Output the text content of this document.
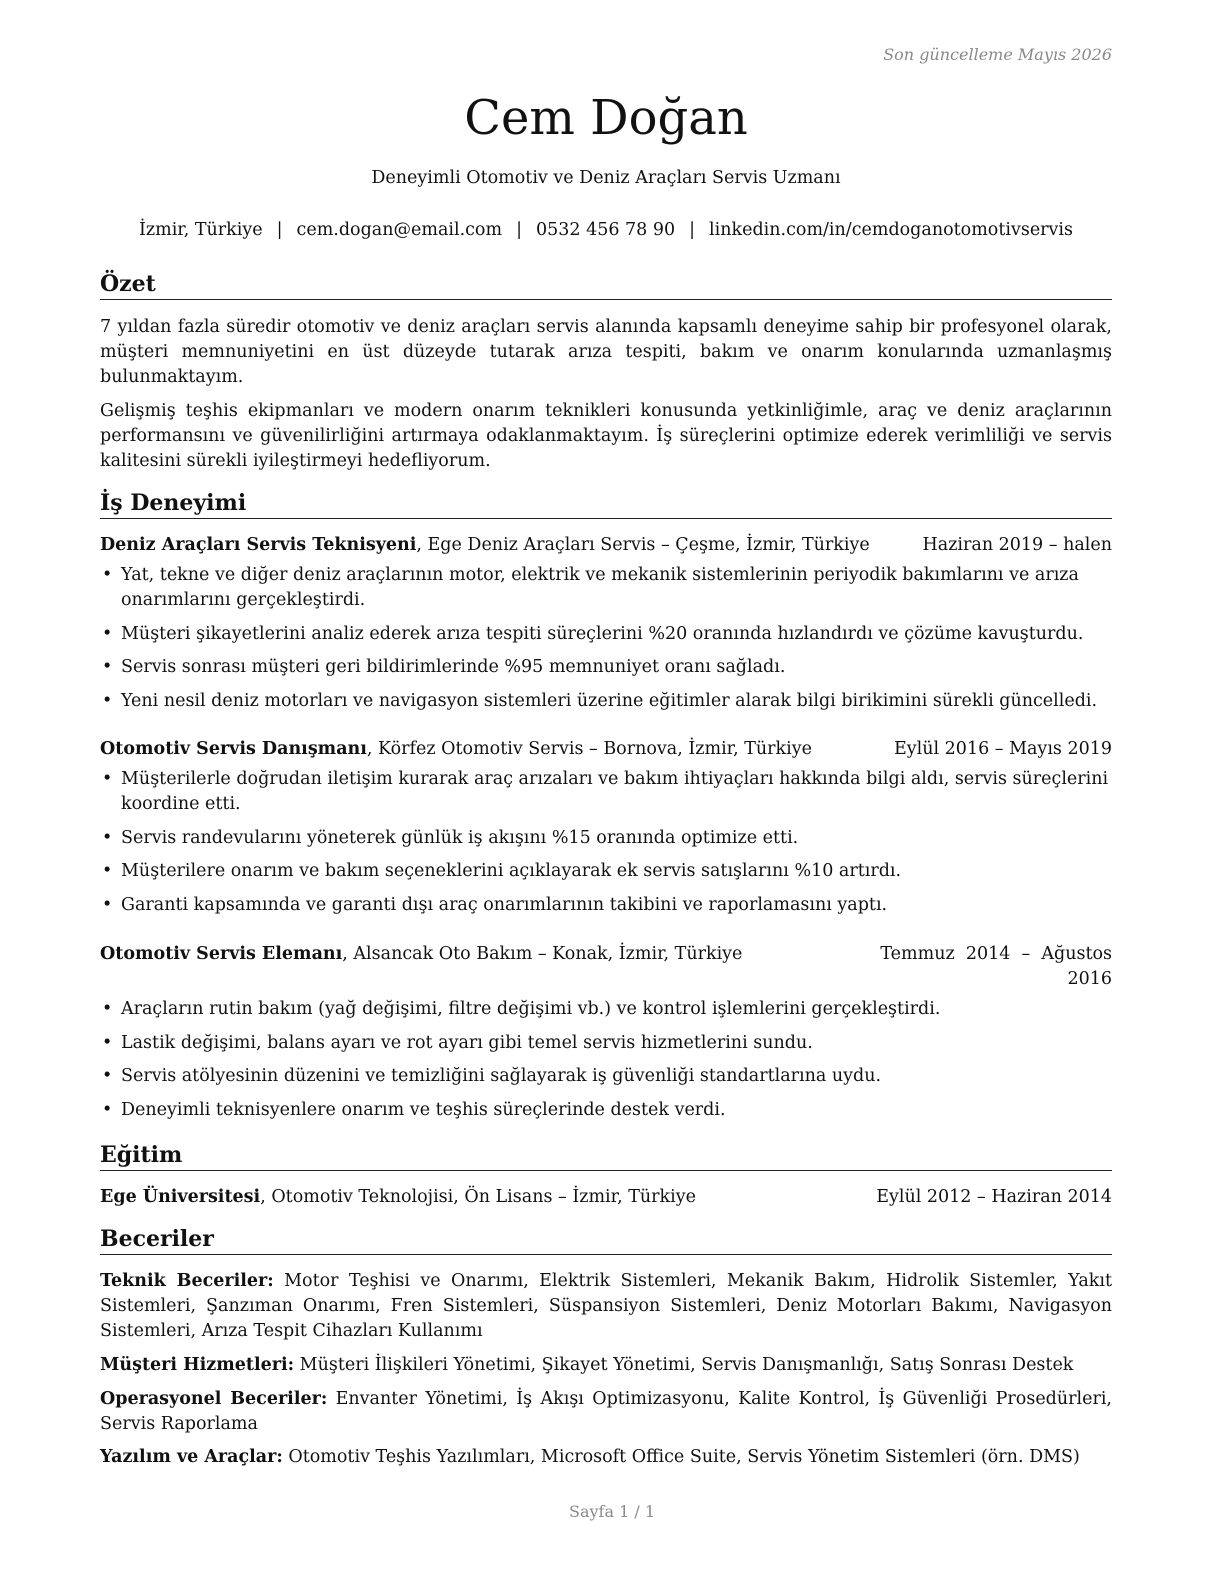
Son güncelleme Mayıs 2026
Cem Doğan
Deneyimli Otomotiv ve Deniz Araçları Servis Uzmanı
İzmir, Türkiye | cem.dogan@email.com | 0532 456 78 90 | linkedin.com/in/cemdoganotomotivservis
Özet
7 yıldan fazla süredir otomotiv ve deniz araçları servis alanında kapsamlı deneyime sahip bir profesyonel olarak, müşteri memnuniyetini en üst düzeyde tutarak arıza tespiti, bakım ve onarım konularında uzmanlaşmış bulunmaktayım.
Gelişmiş teşhis ekipmanları ve modern onarım teknikleri konusunda yetkinliğimle, araç ve deniz araçlarının performansını ve güvenilirliğini artırmaya odaklanmaktayım. İş süreçlerini optimize ederek verimliliği ve servis kalitesini sürekli iyileştirmeyi hedefliyorum.
İş Deneyimi
Deniz Araçları Servis Teknisyeni, Ege Deniz Araçları Servis – Çeşme, İzmir, Türkiye	Haziran 2019 – halen
• Yat, tekne ve diğer deniz araçlarının motor, elektrik ve mekanik sistemlerinin periyodik bakımlarını ve arıza onarımlarını gerçekleştirdi.
• Müşteri şikayetlerini analiz ederek arıza tespiti süreçlerini %20 oranında hızlandırdı ve çözüme kavuşturdu.
• Servis sonrası müşteri geri bildirimlerinde %95 memnuniyet oranı sağladı.
• Yeni nesil deniz motorları ve navigasyon sistemleri üzerine eğitimler alarak bilgi birikimini sürekli güncelledi.
Otomotiv Servis Danışmanı, Körfez Otomotiv Servis – Bornova, İzmir, Türkiye	Eylül 2016 – Mayıs 2019
• Müşterilerle doğrudan iletişim kurarak araç arızaları ve bakım ihtiyaçları hakkında bilgi aldı, servis süreçlerini koordine etti.
• Servis randevularını yöneterek günlük iş akışını %15 oranında optimize etti.
• Müşterilere onarım ve bakım seçeneklerini açıklayarak ek servis satışlarını %10 artırdı.
• Garanti kapsamında ve garanti dışı araç onarımlarının takibini ve raporlamasını yaptı.
Otomotiv Servis Elemanı, Alsancak Oto Bakım – Konak, İzmir, Türkiye	Temmuz  2014  –  Ağustos
2016
• Araçların rutin bakım (yağ değişimi, filtre değişimi vb.) ve kontrol işlemlerini gerçekleştirdi.
• Lastik değişimi, balans ayarı ve rot ayarı gibi temel servis hizmetlerini sundu.
• Servis atölyesinin düzenini ve temizliğini sağlayarak iş güvenliği standartlarına uydu.
• Deneyimli teknisyenlere onarım ve teşhis süreçlerinde destek verdi.
Eğitim
Ege Üniversitesi, Otomotiv Teknolojisi, Ön Lisans – İzmir, Türkiye	Eylül 2012 – Haziran 2014
Beceriler
Teknik Beceriler: Motor Teşhisi ve Onarımı, Elektrik Sistemleri, Mekanik Bakım, Hidrolik Sistemler, Yakıt Sistemleri, Şanzıman Onarımı, Fren Sistemleri, Süspansiyon Sistemleri, Deniz Motorları Bakımı, Navigasyon Sistemleri, Arıza Tespit Cihazları Kullanımı
Müşteri Hizmetleri: Müşteri İlişkileri Yönetimi, Şikayet Yönetimi, Servis Danışmanlığı, Satış Sonrası Destek
Operasyonel Beceriler: Envanter Yönetimi, İş Akışı Optimizasyonu, Kalite Kontrol, İş Güvenliği Prosedürleri, Servis Raporlama
Yazılım ve Araçlar: Otomotiv Teşhis Yazılımları, Microsoft Office Suite, Servis Yönetim Sistemleri (örn. DMS)
Sayfa 1 / 1
